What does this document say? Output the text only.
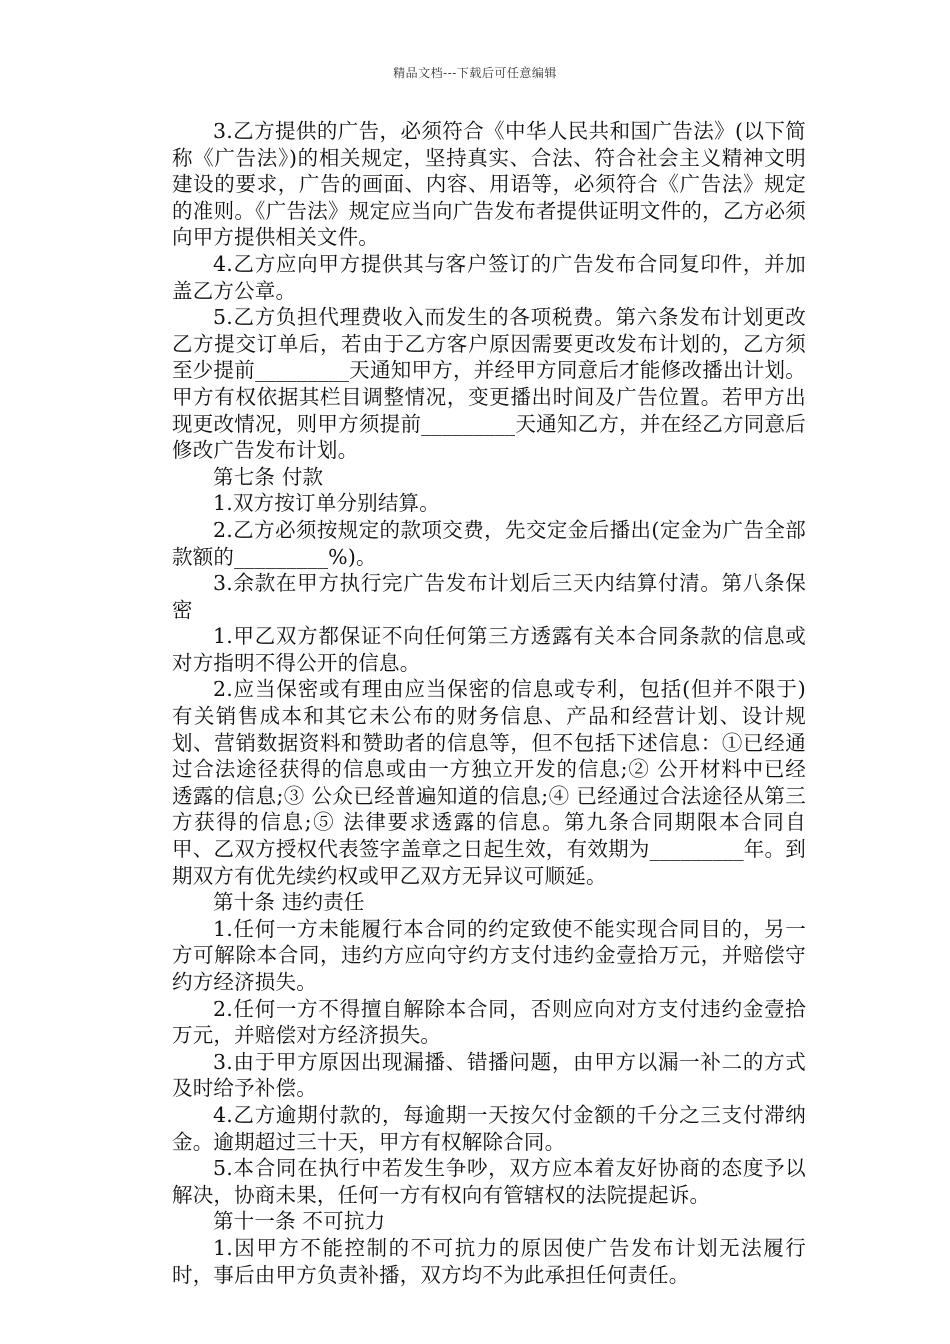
精品文档---下载后可任意编辑

3.乙方提供的广告，必须符合《中华人民共和国广告法》(以下简称《广告法》)的相关规定，坚持真实、合法、符合社会主义精神文明建设的要求，广告的画面、内容、用语等，必须符合《广告法》规定的准则。《广告法》规定应当向广告发布者提供证明文件的，乙方必须向甲方提供相关文件。

4.乙方应向甲方提供其与客户签订的广告发布合同复印件，并加盖乙方公章。

5.乙方负担代理费收入而发生的各项税费。第六条发布计划更改乙方提交订单后，若由于乙方客户原因需要更改发布计划的，乙方须至少提前_________天通知甲方，并经甲方同意后才能修改播出计划。甲方有权依据其栏目调整情况，变更播出时间及广告位置。若甲方出现更改情况，则甲方须提前_________天通知乙方，并在经乙方同意后修改广告发布计划。

第七条 付款

1.双方按订单分别结算。

2.乙方必须按规定的款项交费，先交定金后播出(定金为广告全部款额的_________%)。

3.余款在甲方执行完广告发布计划后三天内结算付清。第八条保密

1.甲乙双方都保证不向任何第三方透露有关本合同条款的信息或对方指明不得公开的信息。

2.应当保密或有理由应当保密的信息或专利，包括(但并不限于)有关销售成本和其它未公布的财务信息、产品和经营计划、设计规划、营销数据资料和赞助者的信息等，但不包括下述信息：①已经通过合法途径获得的信息或由一方独立开发的信息;② 公开材料中已经透露的信息;③ 公众已经普遍知道的信息;④ 已经通过合法途径从第三方获得的信息;⑤ 法律要求透露的信息。第九条合同期限本合同自甲、乙双方授权代表签字盖章之日起生效，有效期为_________年。到期双方有优先续约权或甲乙双方无异议可顺延。

第十条 违约责任

1.任何一方未能履行本合同的约定致使不能实现合同目的，另一方可解除本合同，违约方应向守约方支付违约金壹拾万元，并赔偿守约方经济损失。

2.任何一方不得擅自解除本合同，否则应向对方支付违约金壹拾万元，并赔偿对方经济损失。

3.由于甲方原因出现漏播、错播问题，由甲方以漏一补二的方式及时给予补偿。

4.乙方逾期付款的，每逾期一天按欠付金额的千分之三支付滞纳金。逾期超过三十天，甲方有权解除合同。

5.本合同在执行中若发生争吵，双方应本着友好协商的态度予以解决，协商未果，任何一方有权向有管辖权的法院提起诉。

第十一条 不可抗力

1.因甲方不能控制的不可抗力的原因使广告发布计划无法履行时，事后由甲方负责补播，双方均不为此承担任何责任。
